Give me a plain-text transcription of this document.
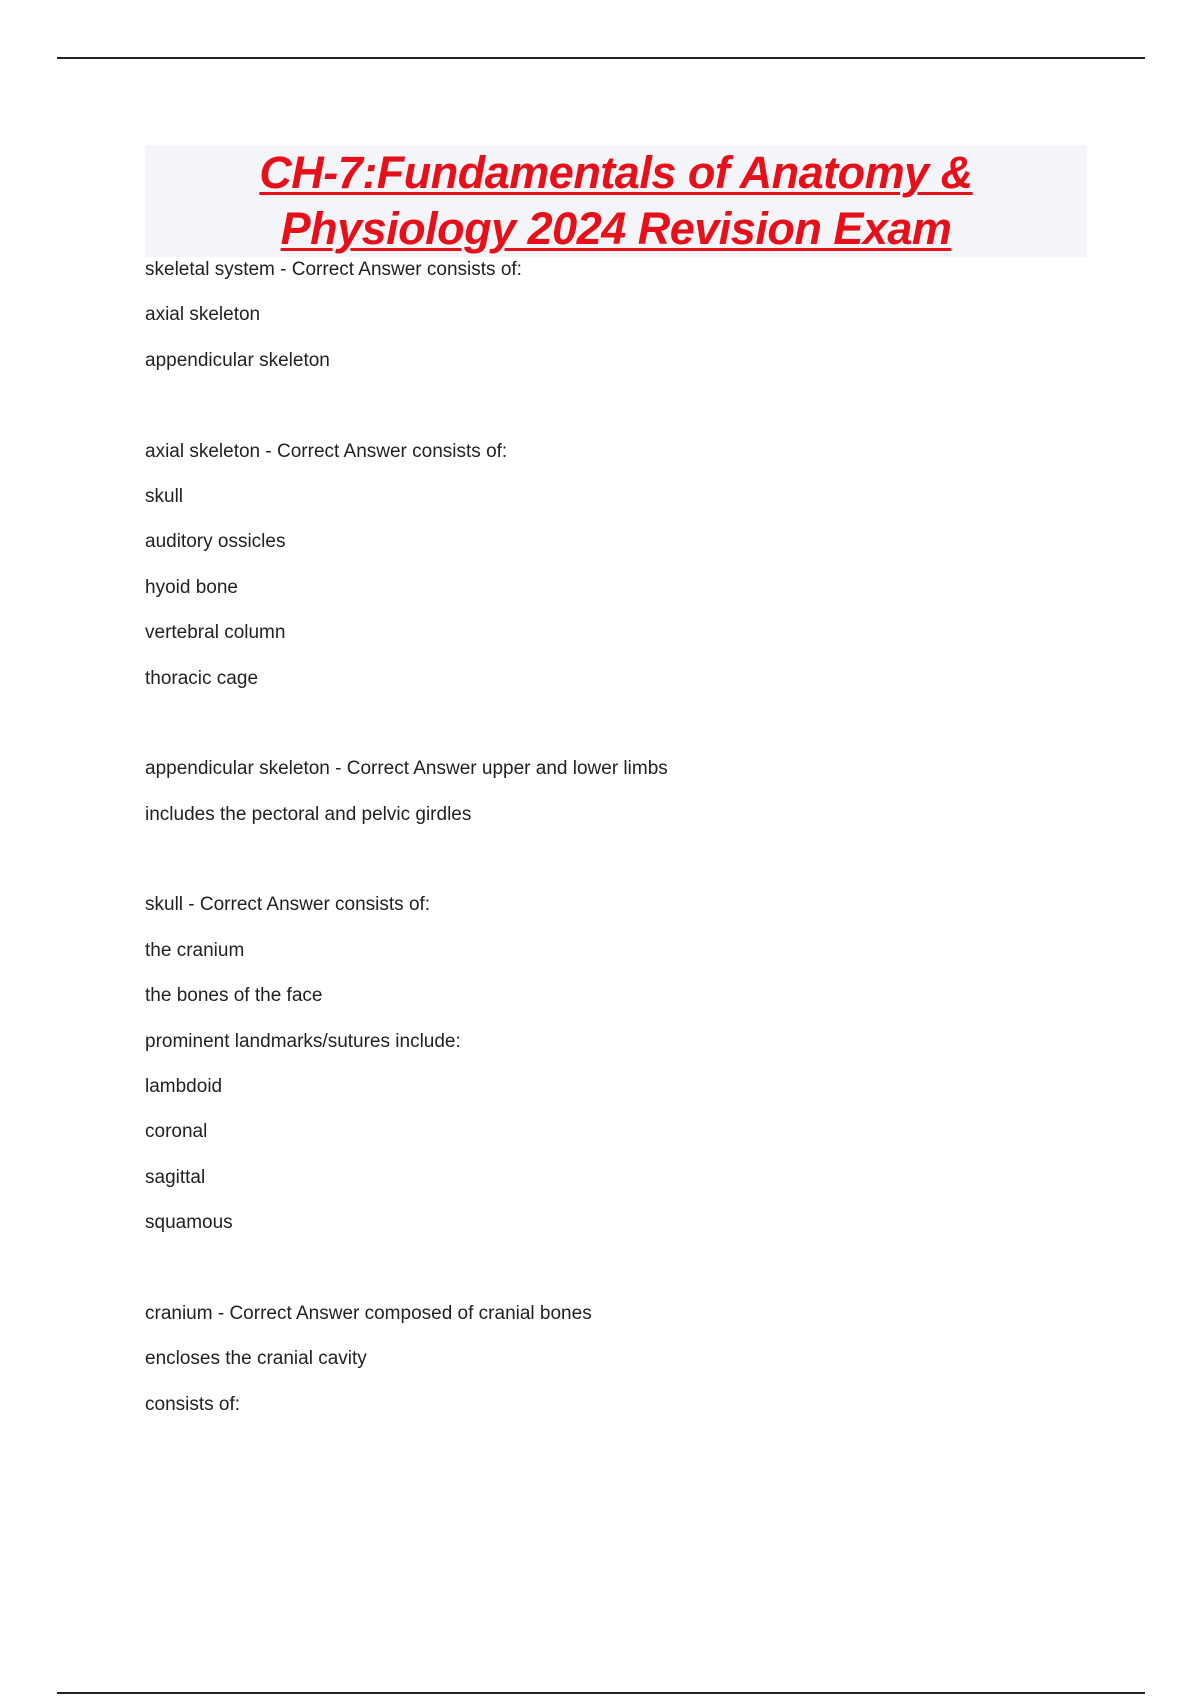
CH-7:Fundamentals of Anatomy &
Physiology 2024 Revision Exam
skeletal system - Correct Answer consists of:
axial skeleton
appendicular skeleton
axial skeleton - Correct Answer consists of:
skull
auditory ossicles
hyoid bone
vertebral column
thoracic cage
appendicular skeleton - Correct Answer upper and lower limbs
includes the pectoral and pelvic girdles
skull - Correct Answer consists of:
the cranium
the bones of the face
prominent landmarks/sutures include:
lambdoid
coronal
sagittal
squamous
cranium - Correct Answer composed of cranial bones
encloses the cranial cavity
consists of:
